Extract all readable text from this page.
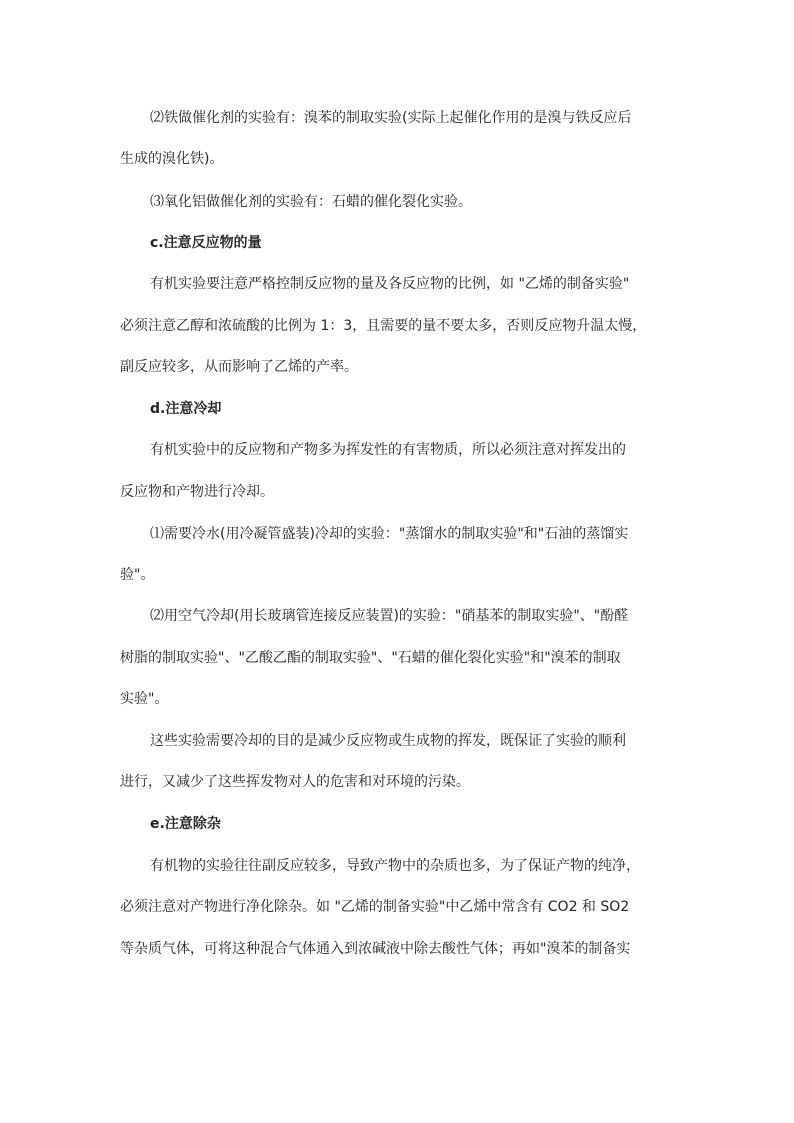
⑵铁做催化剂的实验有：溴苯的制取实验(实际上起催化作用的是溴与铁反应后
生成的溴化铁)。
⑶氧化铝做催化剂的实验有：石蜡的催化裂化实验。
c.注意反应物的量
有机实验要注意严格控制反应物的量及各反应物的比例，如 "乙烯的制备实验"
必须注意乙醇和浓硫酸的比例为 1：3，且需要的量不要太多，否则反应物升温太慢，
副反应较多，从而影响了乙烯的产率。
d.注意冷却
有机实验中的反应物和产物多为挥发性的有害物质，所以必须注意对挥发出的
反应物和产物进行冷却。
⑴需要冷水(用冷凝管盛装)冷却的实验："蒸馏水的制取实验"和"石油的蒸馏实
验"。
⑵用空气冷却(用长玻璃管连接反应装置)的实验："硝基苯的制取实验"、"酚醛
树脂的制取实验"、"乙酸乙酯的制取实验"、"石蜡的催化裂化实验"和"溴苯的制取
实验"。
这些实验需要冷却的目的是减少反应物或生成物的挥发，既保证了实验的顺利
进行，又减少了这些挥发物对人的危害和对环境的污染。
e.注意除杂
有机物的实验往往副反应较多，导致产物中的杂质也多，为了保证产物的纯净，
必须注意对产物进行净化除杂。如 "乙烯的制备实验"中乙烯中常含有 CO2 和 SO2
等杂质气体，可将这种混合气体通入到浓碱液中除去酸性气体；再如"溴苯的制备实
